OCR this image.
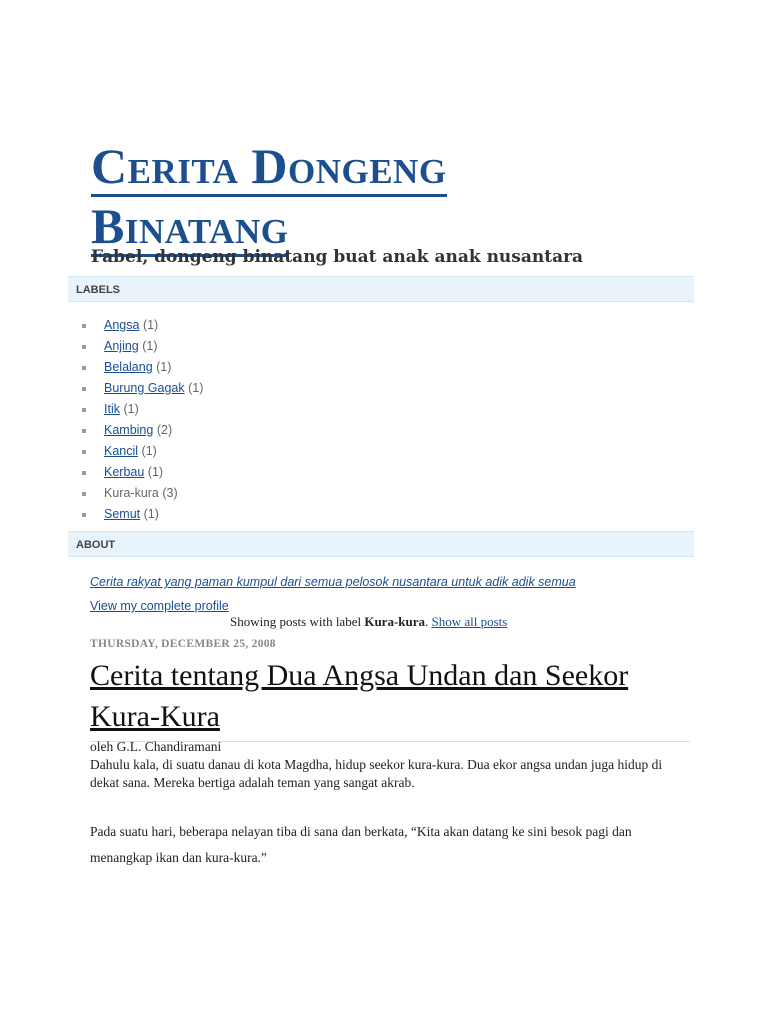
Cerita Dongeng
Binatang

Fabel, dongeng binatang buat anak anak nusantara

LABELS
Angsa (1)
Anjing (1)
Belalang (1)
Burung Gagak (1)
Itik (1)
Kambing (2)
Kancil (1)
Kerbau (1)
Kura-kura (3)
Semut (1)
ABOUT

Cerita rakyat yang paman kumpul dari semua pelosok nusantara untuk adik adik semua

View my complete profile
Showing posts with label Kura-kura. Show all posts
THURSDAY, DECEMBER 25, 2008
Cerita tentang Dua Angsa Undan dan Seekor
Kura-Kura

oleh G.L. Chandiramani

Dahulu kala, di suatu danau di kota Magdha, hidup seekor kura-kura. Dua ekor angsa undan juga hidup di dekat sana. Mereka bertiga adalah teman yang sangat akrab.

Pada suatu hari, beberapa nelayan tiba di sana dan berkata, “Kita akan datang ke sini besok pagi dan menangkap ikan dan kura-kura.”
